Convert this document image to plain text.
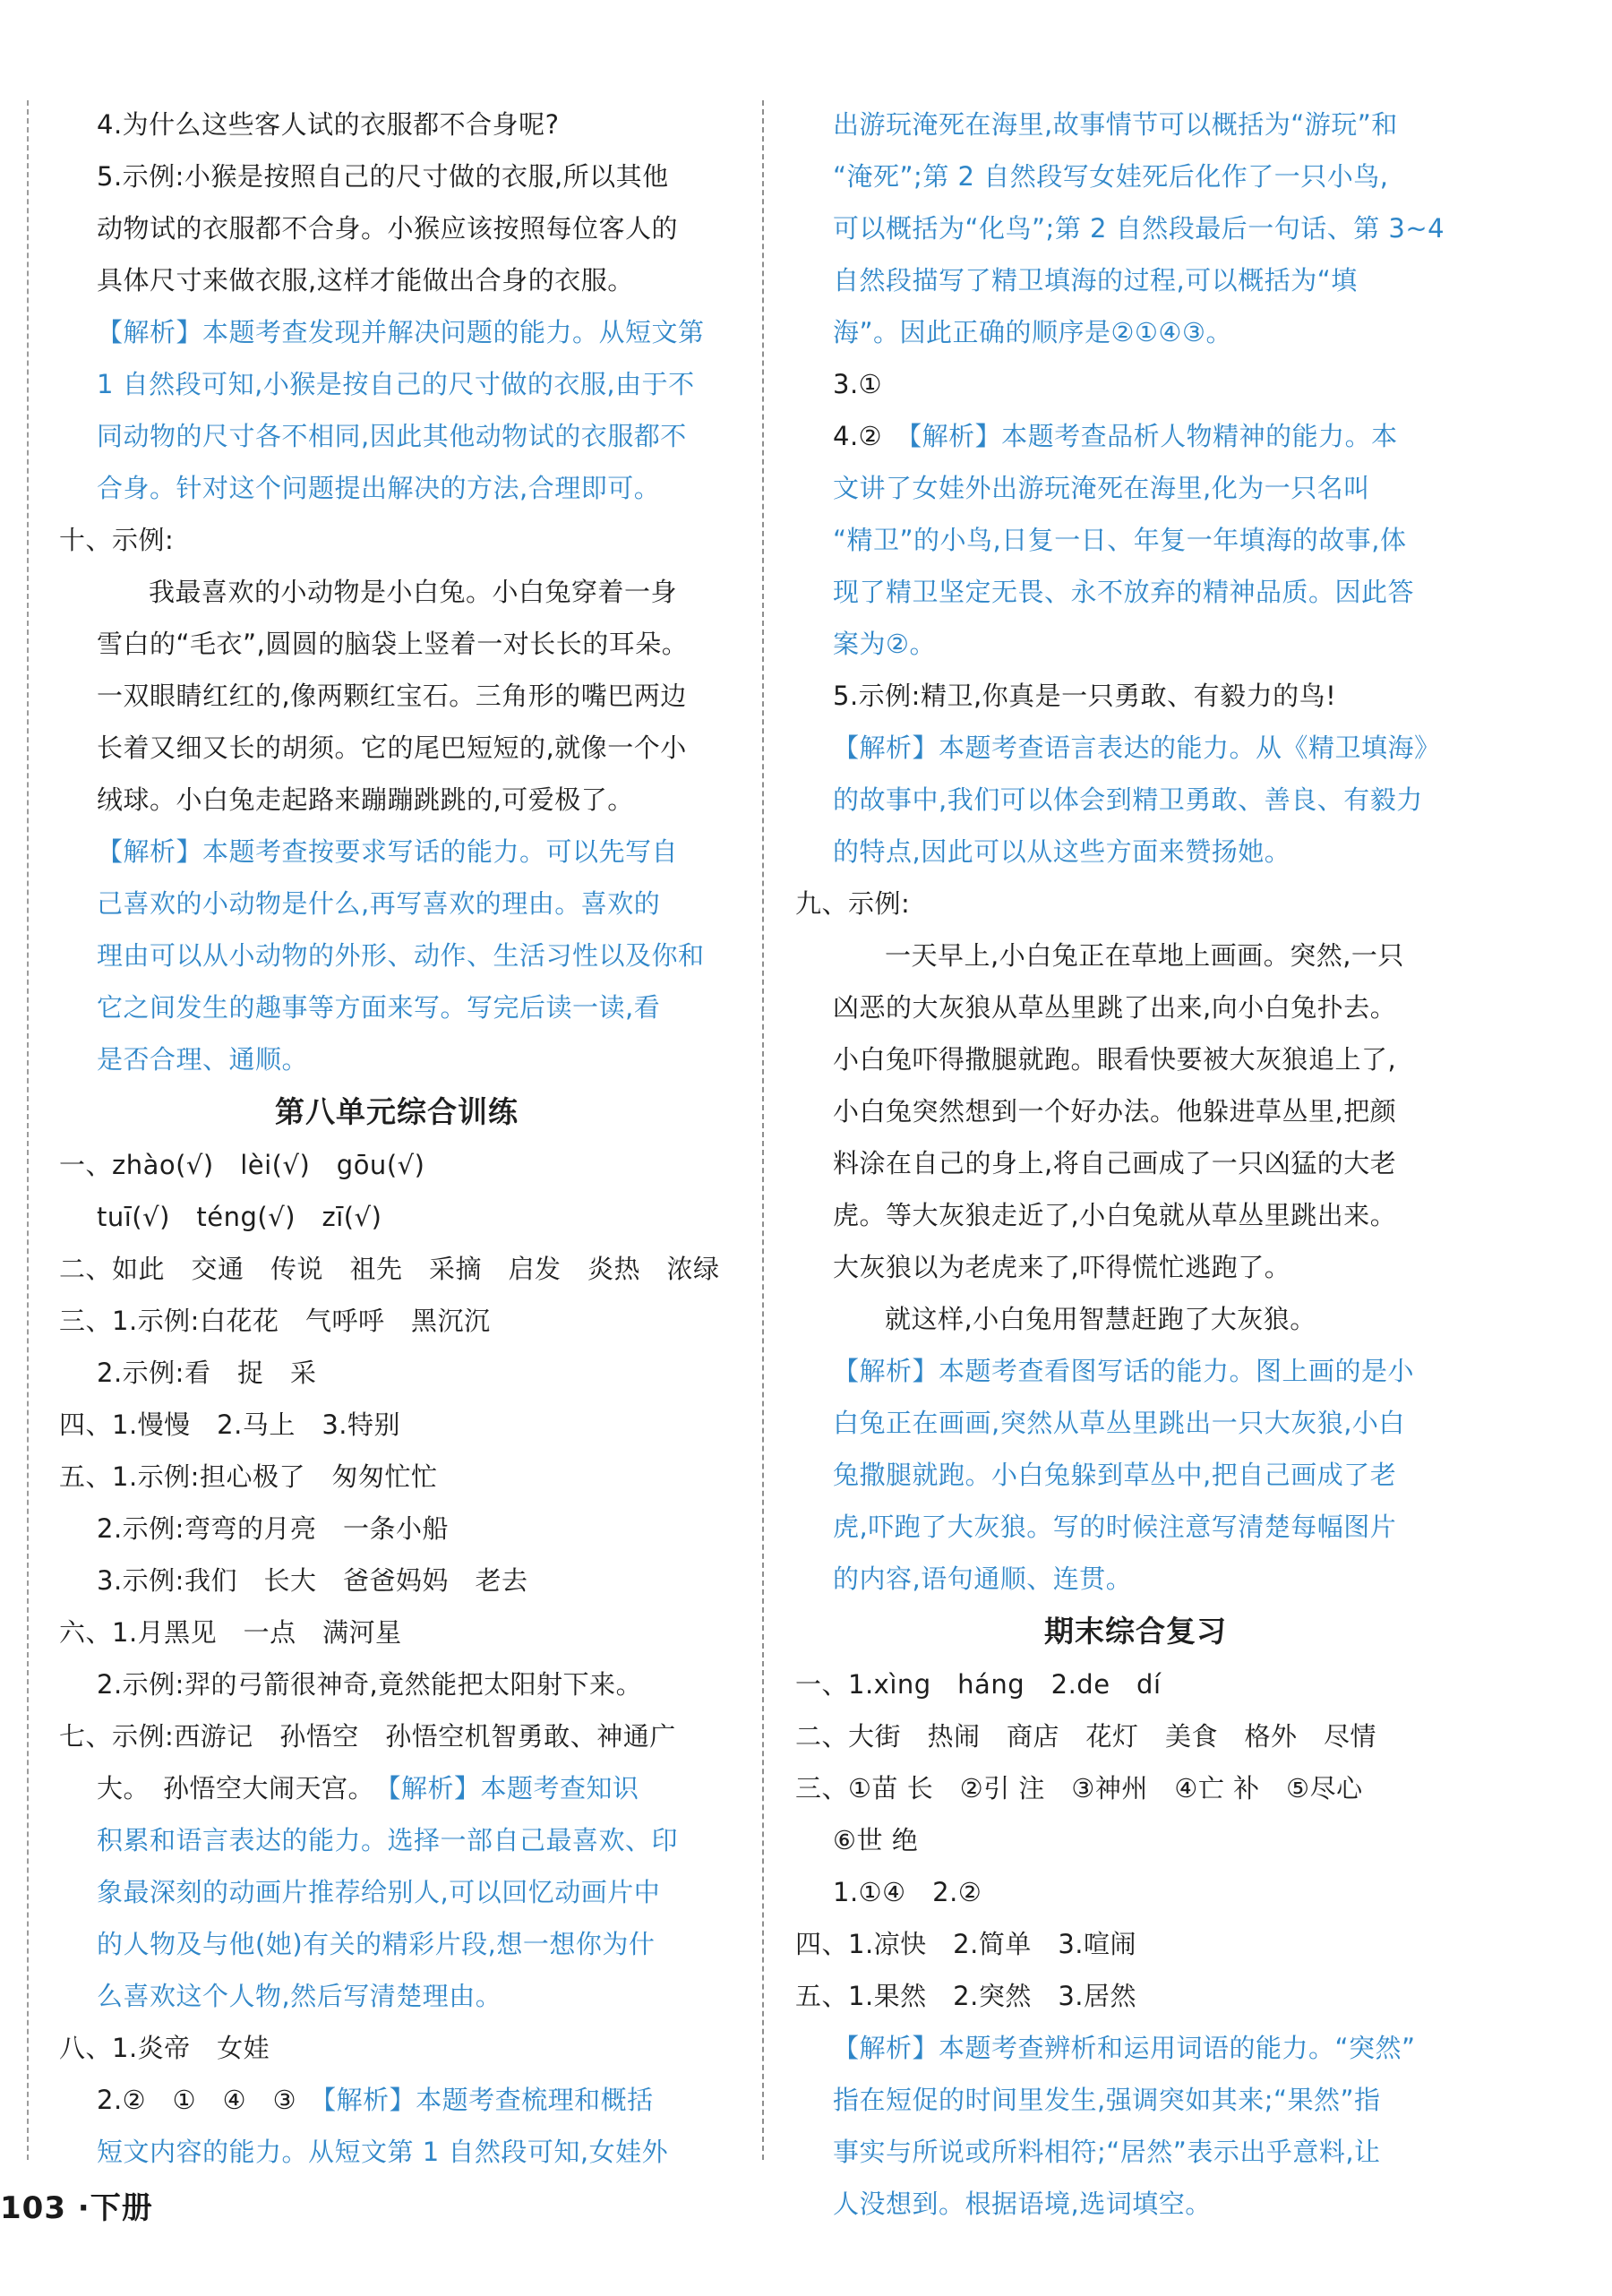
4.为什么这些客人试的衣服都不合身呢?
5.示例:小猴是按照自己的尺寸做的衣服,所以其他
动物试的衣服都不合身。小猴应该按照每位客人的
具体尺寸来做衣服,这样才能做出合身的衣服。
【解析】本题考查发现并解决问题的能力。从短文第
1 自然段可知,小猴是按自己的尺寸做的衣服,由于不
同动物的尺寸各不相同,因此其他动物试的衣服都不
合身。针对这个问题提出解决的方法,合理即可。
十、示例:
我最喜欢的小动物是小白兔。小白兔穿着一身
雪白的“毛衣”,圆圆的脑袋上竖着一对长长的耳朵。
一双眼睛红红的,像两颗红宝石。三角形的嘴巴两边
长着又细又长的胡须。它的尾巴短短的,就像一个小
绒球。小白兔走起路来蹦蹦跳跳的,可爱极了。
【解析】本题考查按要求写话的能力。可以先写自
己喜欢的小动物是什么,再写喜欢的理由。喜欢的
理由可以从小动物的外形、动作、生活习性以及你和
它之间发生的趣事等方面来写。写完后读一读,看
是否合理、通顺。
第八单元综合训练
一、zhào(√)　lèi(√)　gōu(√)
tuī(√)　téng(√)　zī(√)
二、如此　交通　传说　祖先　采摘　启发　炎热　浓绿
三、1.示例:白花花　气呼呼　黑沉沉
2.示例:看　捉　采
四、1.慢慢　2.马上　3.特别
五、1.示例:担心极了　匆匆忙忙
2.示例:弯弯的月亮　一条小船
3.示例:我们　长大　爸爸妈妈　老去
六、1.月黑见　一点　满河星
2.示例:羿的弓箭很神奇,竟然能把太阳射下来。
七、示例:西游记　孙悟空　孙悟空机智勇敢、神通广
大。　孙悟空大闹天宫。　【解析】本题考查知识
积累和语言表达的能力。选择一部自己最喜欢、印
象最深刻的动画片推荐给别人,可以回忆动画片中
的人物及与他(她)有关的精彩片段,想一想你为什
么喜欢这个人物,然后写清楚理由。
八、1.炎帝　女娃
2.②　①　④　③　【解析】本题考查梳理和概括
短文内容的能力。从短文第 1 自然段可知,女娃外
出游玩淹死在海里,故事情节可以概括为“游玩”和
“淹死”;第 2 自然段写女娃死后化作了一只小鸟,
可以概括为“化鸟”;第 2 自然段最后一句话、第 3~4
自然段描写了精卫填海的过程,可以概括为“填
海”。因此正确的顺序是②①④③。
3.①
4.②　【解析】本题考查品析人物精神的能力。本
文讲了女娃外出游玩淹死在海里,化为一只名叫
“精卫”的小鸟,日复一日、年复一年填海的故事,体
现了精卫坚定无畏、永不放弃的精神品质。因此答
案为②。
5.示例:精卫,你真是一只勇敢、有毅力的鸟!
【解析】本题考查语言表达的能力。从《精卫填海》
的故事中,我们可以体会到精卫勇敢、善良、有毅力
的特点,因此可以从这些方面来赞扬她。
九、示例:
一天早上,小白兔正在草地上画画。突然,一只
凶恶的大灰狼从草丛里跳了出来,向小白兔扑去。
小白兔吓得撒腿就跑。眼看快要被大灰狼追上了,
小白兔突然想到一个好办法。他躲进草丛里,把颜
料涂在自己的身上,将自己画成了一只凶猛的大老
虎。等大灰狼走近了,小白兔就从草丛里跳出来。
大灰狼以为老虎来了,吓得慌忙逃跑了。
就这样,小白兔用智慧赶跑了大灰狼。
【解析】本题考查看图写话的能力。图上画的是小
白兔正在画画,突然从草丛里跳出一只大灰狼,小白
兔撒腿就跑。小白兔躲到草丛中,把自己画成了老
虎,吓跑了大灰狼。写的时候注意写清楚每幅图片
的内容,语句通顺、连贯。
期末综合复习
一、1.xìng　háng　2.de　dí
二、大街　热闹　商店　花灯　美食　格外　尽情
三、①苗 长　②引 注　③神州　④亡 补　⑤尽心
⑥世 绝
1.①④　2.②
四、1.凉快　2.简单　3.喧闹
五、1.果然　2.突然　3.居然
【解析】本题考查辨析和运用词语的能力。“突然”
指在短促的时间里发生,强调突如其来;“果然”指
事实与所说或所料相符;“居然”表示出乎意料,让
人没想到。根据语境,选词填空。
103 ·下册
